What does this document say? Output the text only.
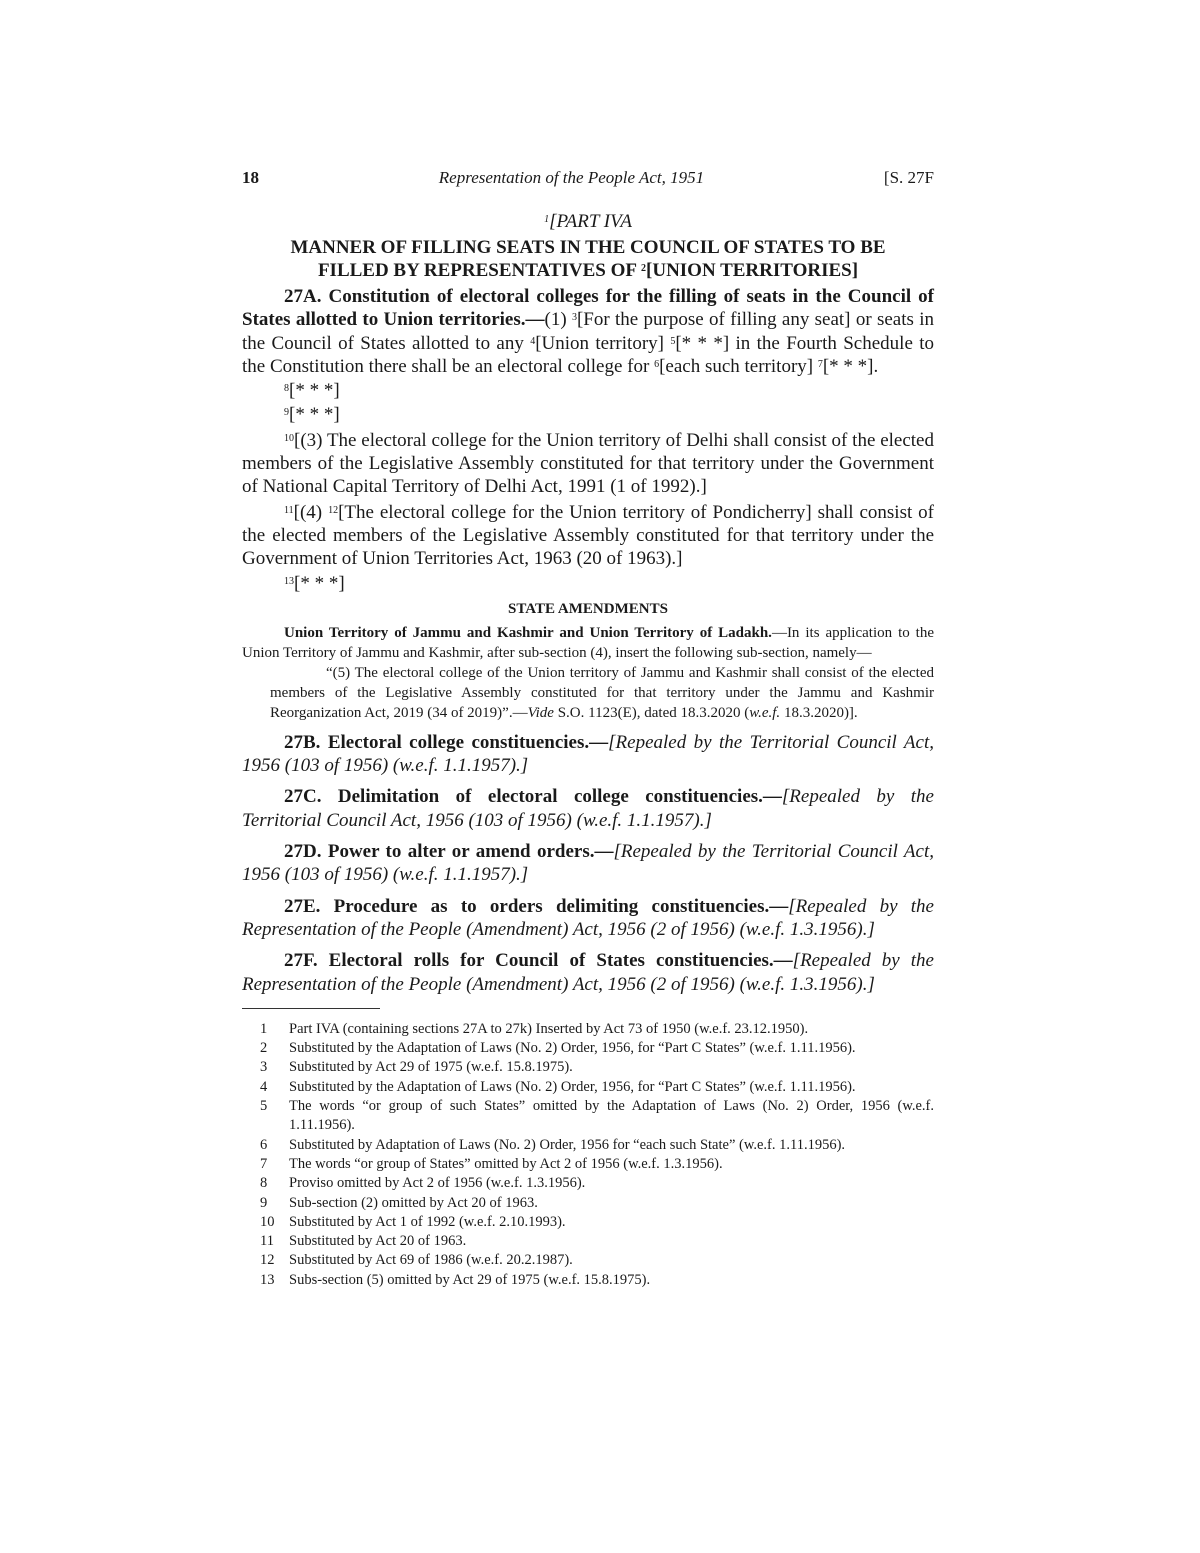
18	Representation of the People Act, 1951	[S. 27F
$^1$[PART IVA
MANNER OF FILLING SEATS IN THE COUNCIL OF STATES TO BE
FILLED BY REPRESENTATIVES OF $^2$[UNION TERRITORIES]

27A. Constitution of electoral colleges for the filling of seats in the Council of States allotted to Union territories.—(1) $^3$[For the purpose of filling any seat] or seats in the Council of States allotted to any $^4$[Union territory] $^5$[* * *] in the Fourth Schedule to the Constitution there shall be an electoral college for $^6$[each such territory] $^7$[* * *].

$^8$[* * *]

$^9$[* * *]

$^{10}$[(3) The electoral college for the Union territory of Delhi shall consist of the elected members of the Legislative Assembly constituted for that territory under the Government of National Capital Territory of Delhi Act, 1991 (1 of 1992).]

$^{11}$[(4) $^{12}$[The electoral college for the Union territory of Pondicherry] shall consist of the elected members of the Legislative Assembly constituted for that territory under the Government of Union Territories Act, 1963 (20 of 1963).]

$^{13}$[* * *]

STATE AMENDMENTS

Union Territory of Jammu and Kashmir and Union Territory of Ladakh.—In its application to the Union Territory of Jammu and Kashmir, after sub-section (4), insert the following sub-section, namely—

“(5) The electoral college of the Union territory of Jammu and Kashmir shall consist of the elected members of the Legislative Assembly constituted for that territory under the Jammu and Kashmir Reorganization Act, 2019 (34 of 2019)”.—Vide S.O. 1123(E), dated 18.3.2020 (w.e.f. 18.3.2020)].

27B. Electoral college constituencies.—[Repealed by the Territorial Council Act, 1956 (103 of 1956) (w.e.f. 1.1.1957).]

27C. Delimitation of electoral college constituencies.—[Repealed by the Territorial Council Act, 1956 (103 of 1956) (w.e.f. 1.1.1957).]

27D. Power to alter or amend orders.—[Repealed by the Territorial Council Act, 1956 (103 of 1956) (w.e.f. 1.1.1957).]

27E. Procedure as to orders delimiting constituencies.—[Repealed by the Representation of the People (Amendment) Act, 1956 (2 of 1956) (w.e.f. 1.3.1956).]

27F. Electoral rolls for Council of States constituencies.—[Repealed by the Representation of the People (Amendment) Act, 1956 (2 of 1956) (w.e.f. 1.3.1956).]

1	Part IVA (containing sections 27A to 27k) Inserted by Act 73 of 1950 (w.e.f. 23.12.1950).
2	Substituted by the Adaptation of Laws (No. 2) Order, 1956, for “Part C States” (w.e.f. 1.11.1956).
3	Substituted by Act 29 of 1975 (w.e.f. 15.8.1975).
4	Substituted by the Adaptation of Laws (No. 2) Order, 1956, for “Part C States” (w.e.f. 1.11.1956).
5	The words “or group of such States” omitted by the Adaptation of Laws (No. 2) Order, 1956 (w.e.f. 1.11.1956).
6	Substituted by Adaptation of Laws (No. 2) Order, 1956 for “each such State” (w.e.f. 1.11.1956).
7	The words “or group of States” omitted by Act 2 of 1956 (w.e.f. 1.3.1956).
8	Proviso omitted by Act 2 of 1956 (w.e.f. 1.3.1956).
9	Sub-section (2) omitted by Act 20 of 1963.
10	Substituted by Act 1 of 1992 (w.e.f. 2.10.1993).
11	Substituted by Act 20 of 1963.
12	Substituted by Act 69 of 1986 (w.e.f. 20.2.1987).
13	Subs-section (5) omitted by Act 29 of 1975 (w.e.f. 15.8.1975).
